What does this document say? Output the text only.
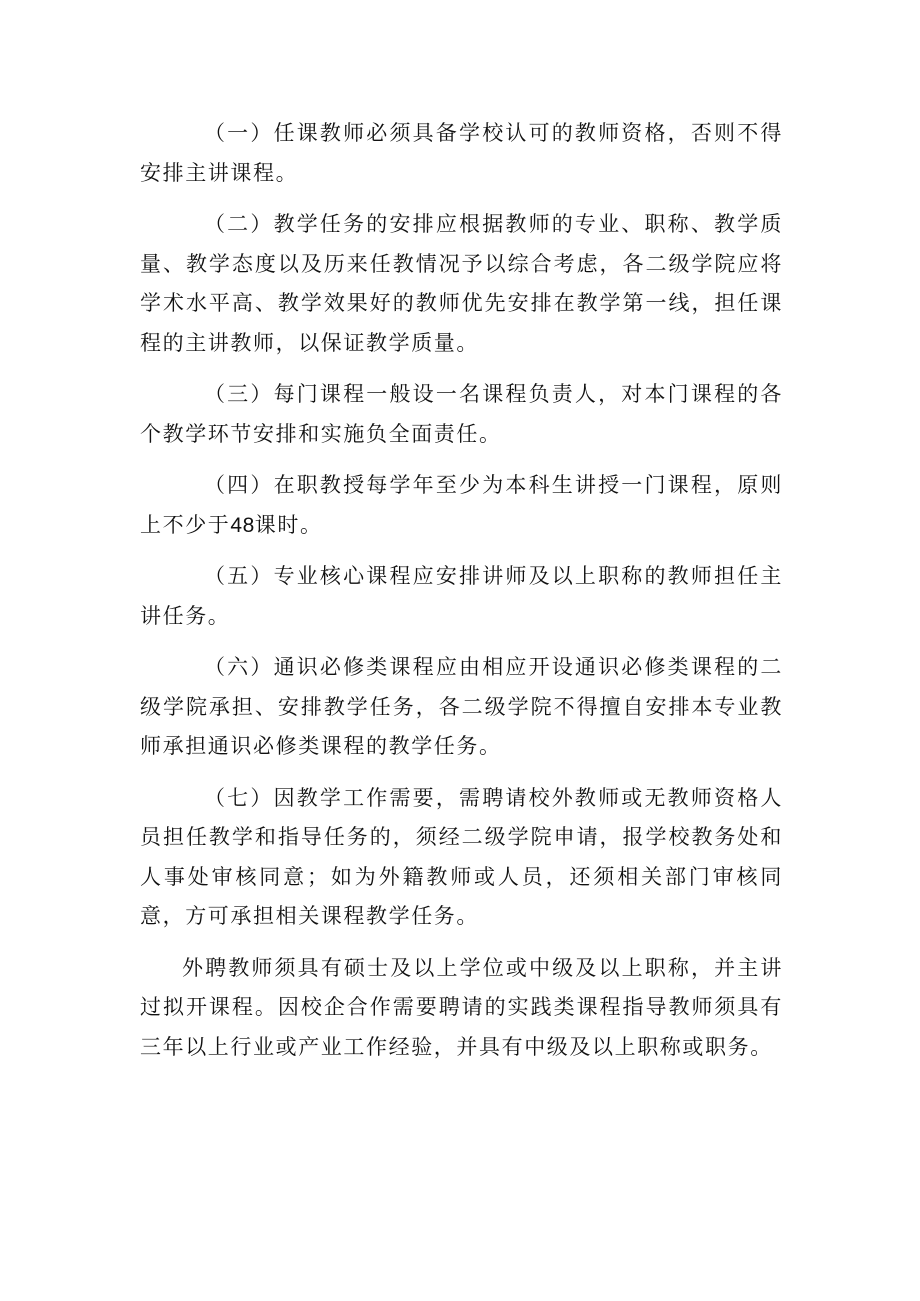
（一）任课教师必须具备学校认可的教师资格，否则不得安排主讲课程。

（二）教学任务的安排应根据教师的专业、职称、教学质量、教学态度以及历来任教情况予以综合考虑，各二级学院应将学术水平高、教学效果好的教师优先安排在教学第一线，担任课程的主讲教师，以保证教学质量。

（三）每门课程一般设一名课程负责人，对本门课程的各个教学环节安排和实施负全面责任。

（四）在职教授每学年至少为本科生讲授一门课程，原则上不少于48课时。

（五）专业核心课程应安排讲师及以上职称的教师担任主讲任务。

（六）通识必修类课程应由相应开设通识必修类课程的二级学院承担、安排教学任务，各二级学院不得擅自安排本专业教师承担通识必修类课程的教学任务。

（七）因教学工作需要，需聘请校外教师或无教师资格人员担任教学和指导任务的，须经二级学院申请，报学校教务处和人事处审核同意；如为外籍教师或人员，还须相关部门审核同意，方可承担相关课程教学任务。

外聘教师须具有硕士及以上学位或中级及以上职称，并主讲过拟开课程。因校企合作需要聘请的实践类课程指导教师须具有三年以上行业或产业工作经验，并具有中级及以上职称或职务。
